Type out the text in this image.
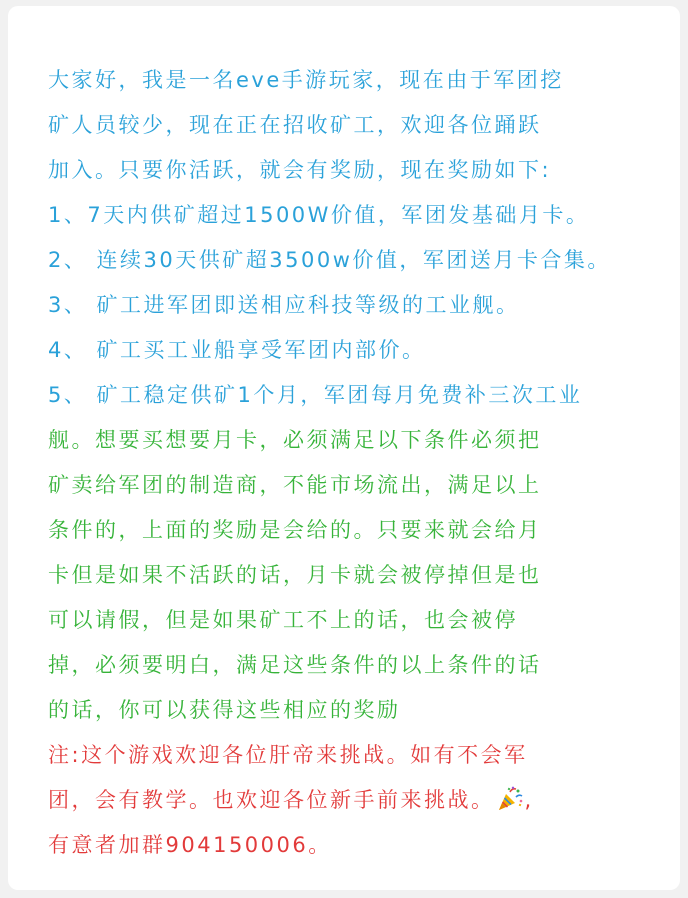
大家好，我是一名eve手游玩家，现在由于军团挖
矿人员较少，现在正在招收矿工，欢迎各位踊跃
加入。只要你活跃，就会有奖励，现在奖励如下:
1、7天内供矿超过1500W价值，军团发基础月卡。
2、 连续30天供矿超3500w价值，军团送月卡合集。
3、 矿工进军团即送相应科技等级的工业舰。
4、 矿工买工业船享受军团内部价。
5、 矿工稳定供矿1个月，军团每月免费补三次工业
舰。想要买想要月卡，必须满足以下条件必须把
矿卖给军团的制造商，不能市场流出，满足以上
条件的，上面的奖励是会给的。只要来就会给月
卡但是如果不活跃的话，月卡就会被停掉但是也
可以请假，但是如果矿工不上的话，也会被停
掉，必须要明白，满足这些条件的以上条件的话
的话，你可以获得这些相应的奖励
注:这个游戏欢迎各位肝帝来挑战。如有不会军
团，会有教学。也欢迎各位新手前来挑战。 ,
有意者加群904150006。
